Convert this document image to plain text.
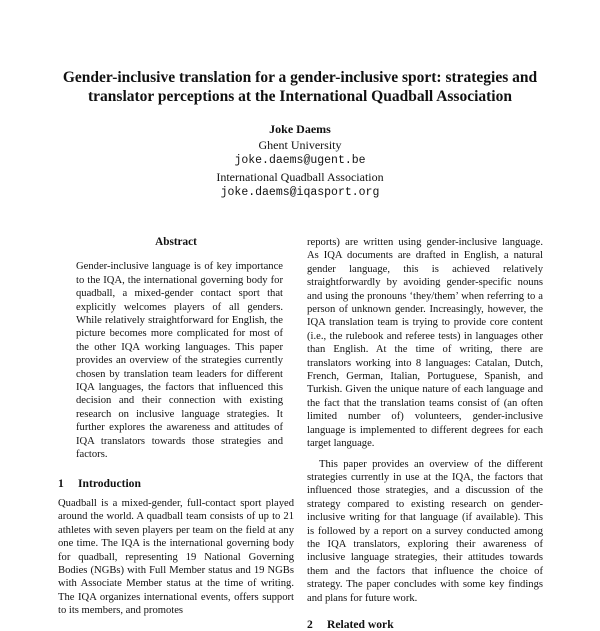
Gender-inclusive translation for a gender-inclusive sport: strategies and translator perceptions at the International Quadball Association
Joke Daems
Ghent University
joke.daems@ugent.be
International Quadball Association
joke.daems@iqasport.org
Abstract

Gender-inclusive language is of key importance to the IQA, the international governing body for quadball, a mixed-gender contact sport that explicitly welcomes players of all genders. While relatively straightforward for English, the picture becomes more complicated for most of the other IQA working languages. This paper provides an overview of the strategies currently chosen by translation team leaders for different IQA languages, the factors that influenced this decision and their connection with existing research on inclusive language strategies. It further explores the awareness and attitudes of IQA translators towards those strategies and factors.

1 Introduction

Quadball is a mixed-gender, full-contact sport played around the world. A quadball team consists of up to 21 athletes with seven players per team on the field at any one time. The IQA is the international governing body for quadball, representing 19 National Governing Bodies (NGBs) with Full Member status and 19 NGBs with Associate Member status at the time of writing. The IQA organizes international events, offers support to its members, and promotes

reports) are written using gender-inclusive language. As IQA documents are drafted in English, a natural gender language, this is achieved relatively straightforwardly by avoiding gender-specific nouns and using the pronouns ‘they/them’ when referring to a person of unknown gender. Increasingly, however, the IQA translation team is trying to provide core content (i.e., the rulebook and referee tests) in languages other than English. At the time of writing, there are translators working into 8 languages: Catalan, Dutch, French, German, Italian, Portuguese, Spanish, and Turkish. Given the unique nature of each language and the fact that the translation teams consist of (an often limited number of) volunteers, gender-inclusive language is implemented to different degrees for each target language.

This paper provides an overview of the different strategies currently in use at the IQA, the factors that influenced those strategies, and a discussion of the strategy compared to existing research on gender-inclusive writing for that language (if available). This is followed by a report on a survey conducted among the IQA translators, exploring their awareness of inclusive language strategies, their attitudes towards them and the factors that influence the choice of strategy. The paper concludes with some key findings and plans for future work.

2 Related work
